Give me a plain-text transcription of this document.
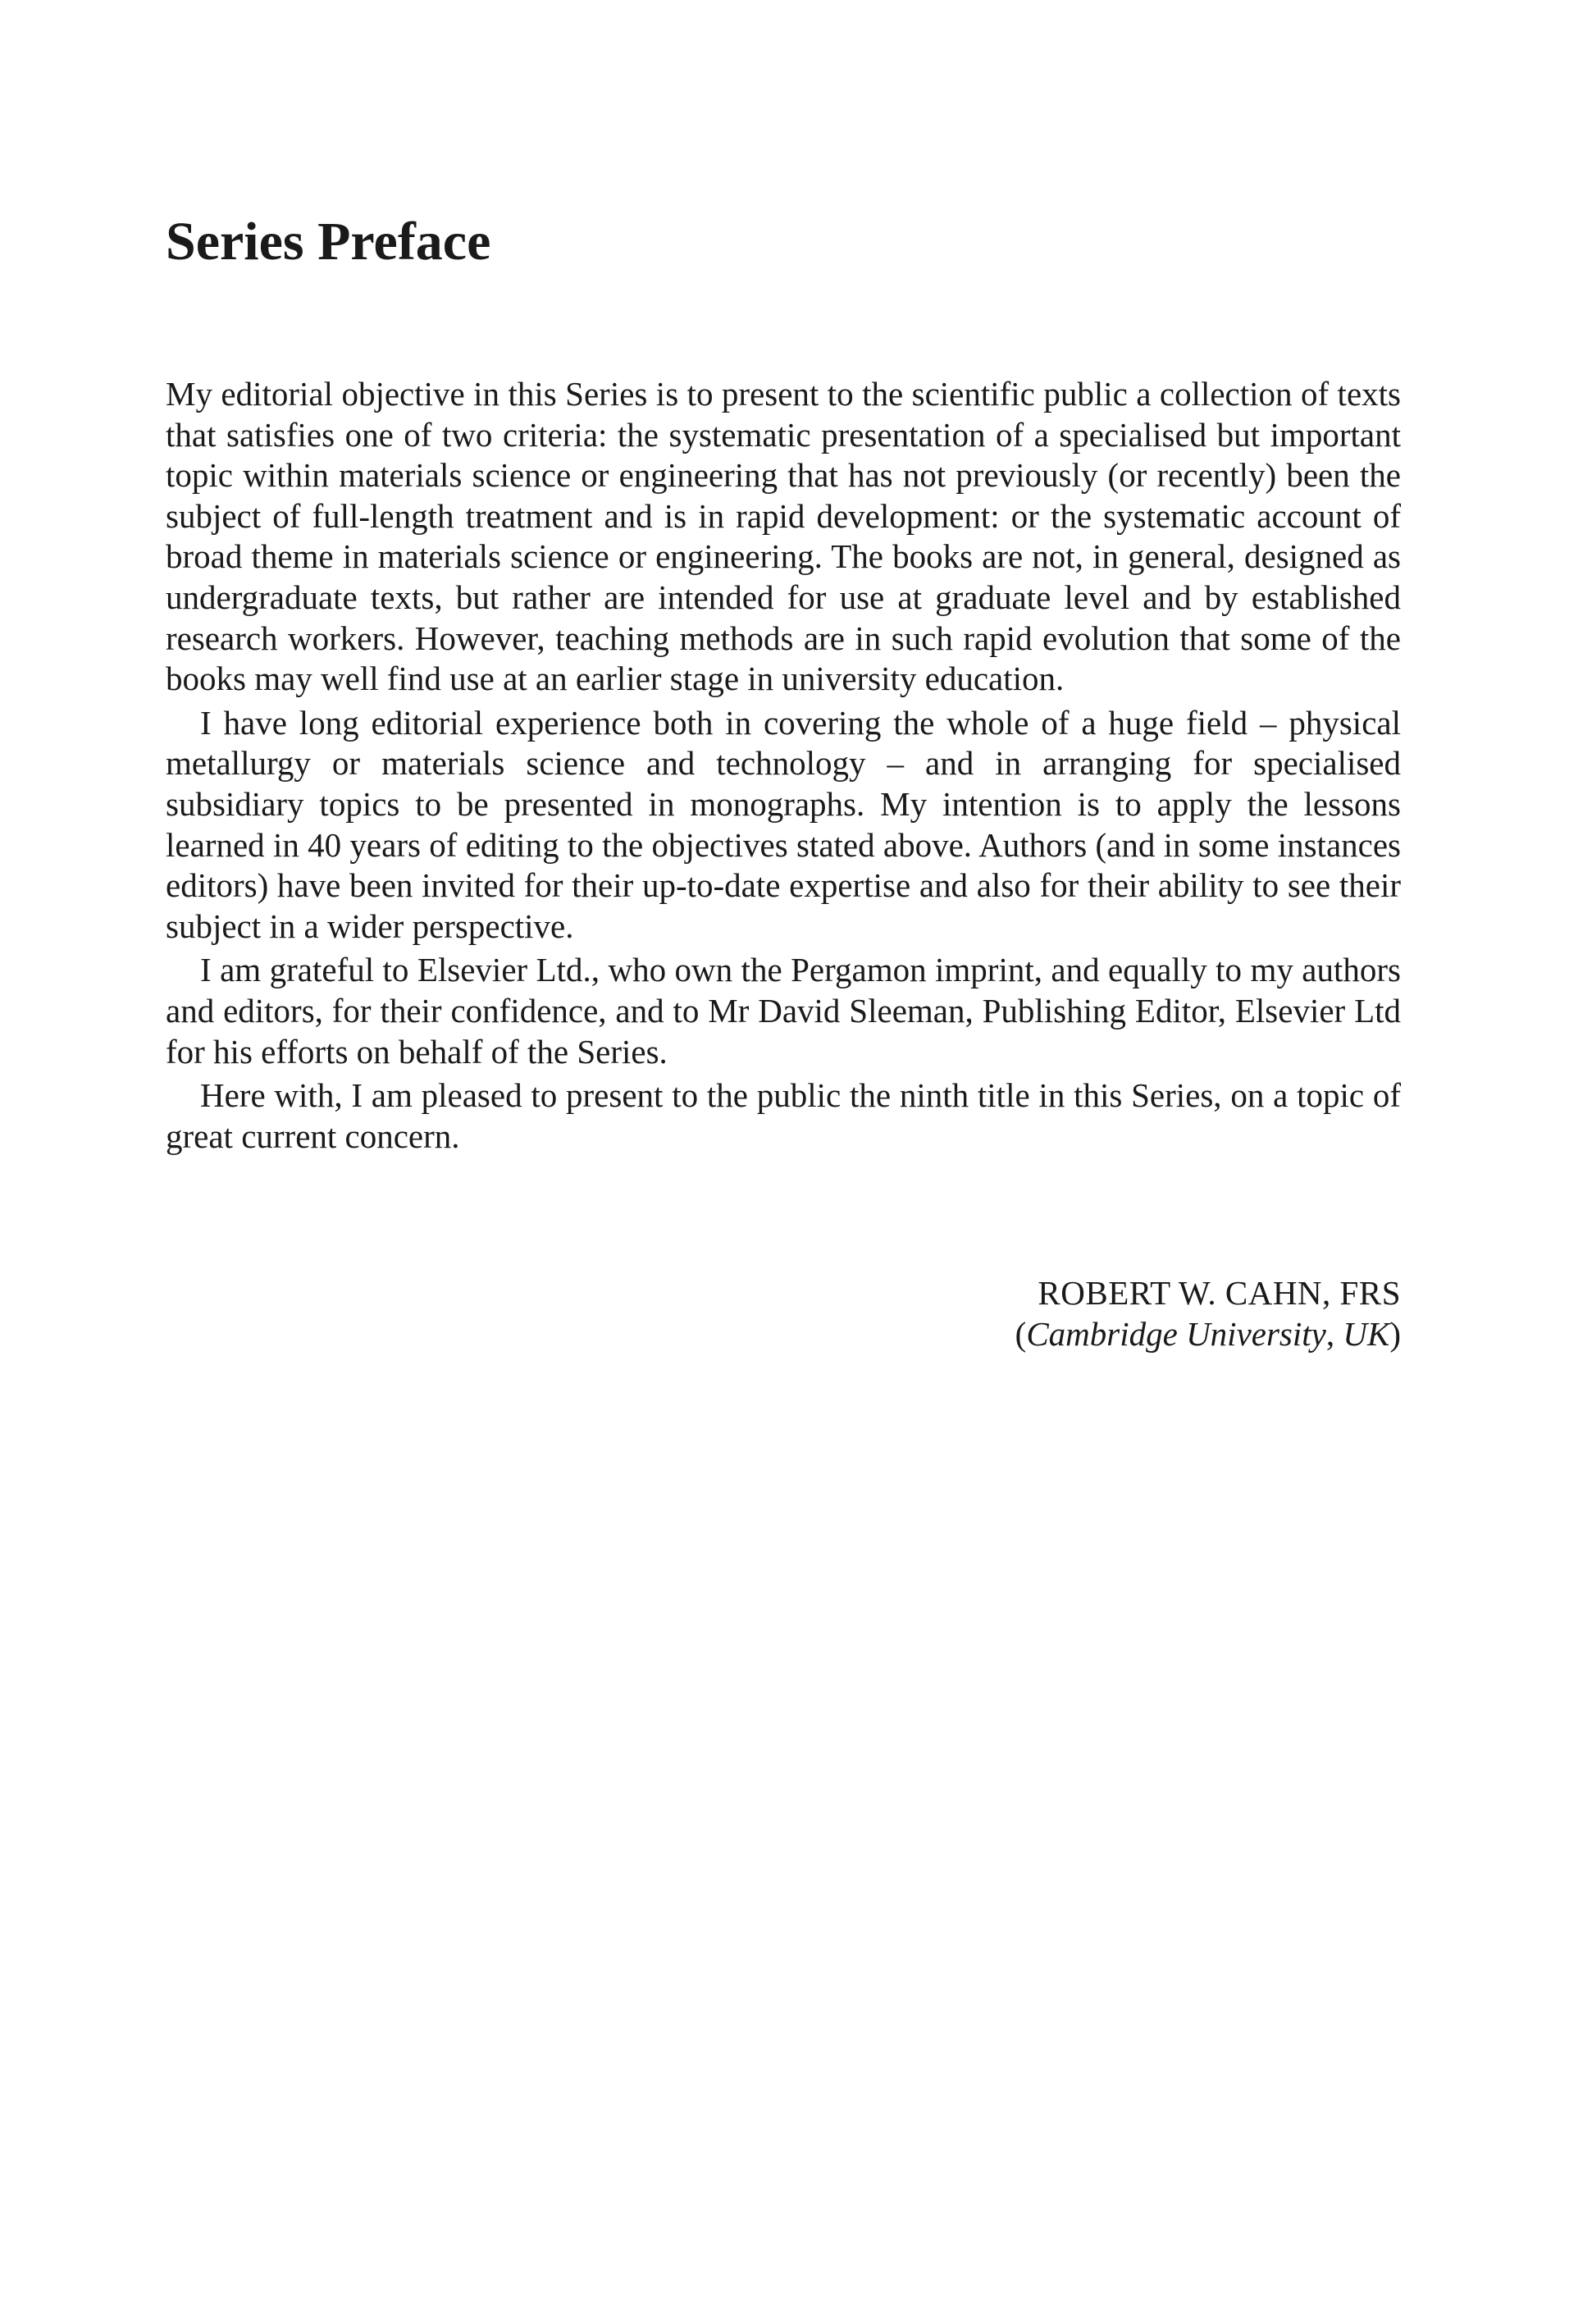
Series Preface

My editorial objective in this Series is to present to the scientific public a collection of texts that satisfies one of two criteria: the systematic presentation of a specialised but important topic within materials science or engineering that has not previously (or recently) been the subject of full-length treatment and is in rapid development: or the systematic account of broad theme in materials science or engineering. The books are not, in general, designed as undergraduate texts, but rather are intended for use at graduate level and by established research workers. However, teaching methods are in such rapid evolution that some of the books may well find use at an earlier stage in university education.

I have long editorial experience both in covering the whole of a huge field – physical metallurgy or materials science and technology – and in arranging for specialised subsidiary topics to be presented in monographs. My intention is to apply the lessons learned in 40 years of editing to the objectives stated above. Authors (and in some instances editors) have been invited for their up-to-date expertise and also for their ability to see their subject in a wider perspective.

I am grateful to Elsevier Ltd., who own the Pergamon imprint, and equally to my authors and editors, for their confidence, and to Mr David Sleeman, Publishing Editor, Elsevier Ltd for his efforts on behalf of the Series.

Here with, I am pleased to present to the public the ninth title in this Series, on a topic of great current concern.

ROBERT W. CAHN, FRS
(Cambridge University, UK)
